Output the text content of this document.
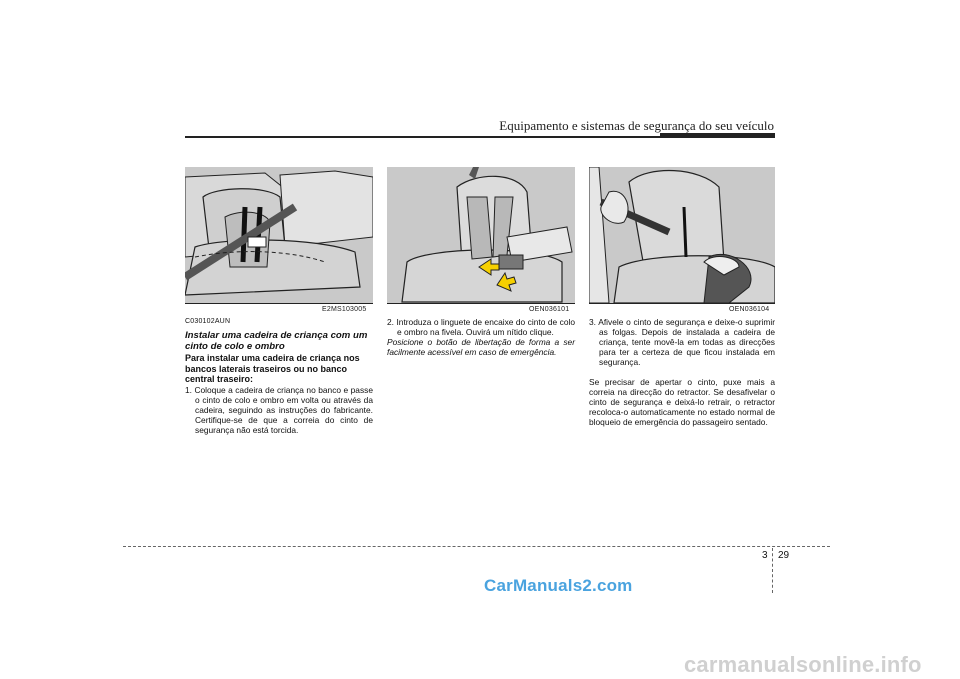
Equipamento e sistemas de segurança do seu veículo
E2MS103005	OEN036101	OEN036104
C030102AUN
Instalar uma cadeira de criança com um cinto de colo e ombro
Para instalar uma cadeira de criança nos bancos laterais traseiros ou no banco central traseiro:
1. Coloque a cadeira de criança no banco e passe o cinto de colo e ombro em volta ou através da cadeira, seguindo as instruções do fabricante. Certifique-se de que a correia do cinto de segurança não está torcida.
2. Introduza o linguete de encaixe do cinto de colo e ombro na fivela. Ouvirá um nítido clique.
Posicione o botão de libertação de forma a ser facilmente acessível em caso de emergência.
3. Afivele o cinto de segurança e deixe-o suprimir as folgas. Depois de instalada a cadeira de criança, tente movê-la em todas as direcções para ter a certeza de que ficou instalada em segurança.
Se precisar de apertar o cinto, puxe mais a correia na direcção do retractor. Se desafivelar o cinto de segurança e deixá-lo retrair, o retractor recoloca-o automaticamente no estado normal de bloqueio de emergência do passageiro sentado.
3 29
CarManuals2.com
carmanualsonline.info
